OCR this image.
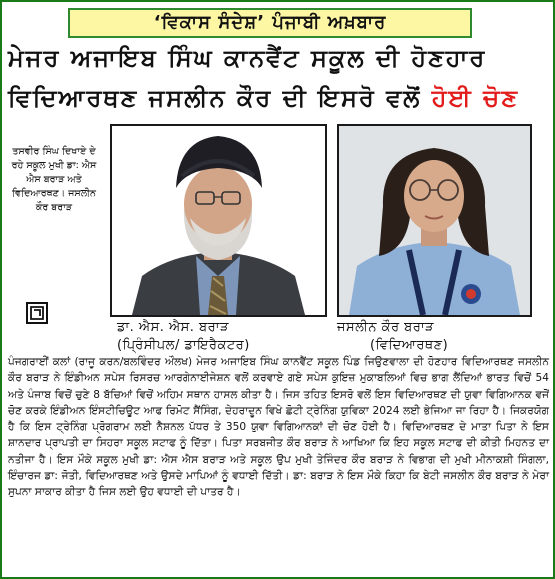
‘ਵਿਕਾਸ ਸੰਦੇਸ਼’ ਪੰਜਾਬੀ ਅਖ਼ਬਾਰ
ਮੇਜਰ ਅਜਾਇਬ ਸਿੰਘ ਕਾਨਵੈਂਟ ਸਕੂਲ ਦੀ ਹੋਣਹਾਰ
ਵਿਦਿਆਰਥਣ ਜਸਲੀਨ ਕੌਰ ਦੀ ਇਸਰੋ ਵਲੋਂ ਹੋਈ ਚੋਣ
ਤਸਵੀਰ ਸਿੰਘ ਦਿਖਾਏ ਦੇ ਰਹੇ ਸਕੂਲ ਮੁਖੀ ਡਾ: ਐਸ ਐਸ ਬਰਾੜ ਅਤੇ ਵਿਦਿਆਰਥਣ। ਜਸਲੀਨ ਕੌਰ ਬਰਾੜ
ਡਾ. ਐਸ. ਐਸ. ਬਰਾੜ	ਜਸਲੀਨ ਕੌਰ ਬਰਾੜ
(ਪ੍ਰਿੰਸੀਪਲ/ ਡਾਇਰੈਕਟਰ)	(ਵਿਦਿਆਰਥਣ)
ਪੰਜਗਰਾਈਂ ਕਲਾਂ (ਰਾਜੂ ਕਰਨ/ਬਲਵਿੰਦਰ ਔਲਖ) ਮੇਜਰ ਅਜਾਇਬ ਸਿੰਘ ਕਾਨਵੈਂਟ ਸਕੂਲ ਪਿੰਡ ਜਿਉਣਵਾਲਾ ਦੀ ਹੋਣਹਾਰ ਵਿਦਿਆਰਥਣ ਜਸਲੀਨ ਕੌਰ ਬਰਾੜ ਨੇ ਇੰਡੀਅਨ ਸਪੇਸ ਰਿਸਰਚ ਆਰਗੇਨਾਈਜੇਸ਼ਨ ਵਲੋਂ ਕਰਵਾਏ ਗਏ ਸਪੇਸ ਕੁਇਜ਼ ਮੁਕਾਬਲਿਆਂ ਵਿਚ ਭਾਗ ਲੈਂਦਿਆਂ ਭਾਰਤ ਵਿਚੋਂ 54 ਅਤੇ ਪੰਜਾਬ ਵਿਚੋਂ ਚੁਣੇ 8 ਬੱਚਿਆਂ ਵਿਚੋਂ ਅਹਿਮ ਸਥਾਨ ਹਾਸਲ ਕੀਤਾ ਹੈ। ਜਿਸ ਤਹਿਤ ਇਸਰੋ ਵਲੋਂ ਇਸ ਵਿਦਿਆਰਥਣ ਦੀ ਯੁਵਾ ਵਿਗਿਆਨਕ ਵਜੋਂ ਚੋਣ ਕਰਕੇ ਇੰਡੀਅਨ ਇੰਸਟੀਚਿਊਟ ਆਫ ਰਿਮੋਟ ਸੈਂਸਿੰਗ, ਦੇਹਰਾਦੂਨ ਵਿਖੇ ਛੋਟੀ ਟ੍ਰੇਨਿੰਗ ਯੁਵਿਕਾ 2024 ਲਈ ਭੇਜਿਆ ਜਾ ਰਿਹਾ ਹੈ। ਜਿਕਰਯੋਗ ਹੈ ਕਿ ਇਸ ਟ੍ਰੇਨਿੰਗ ਪ੍ਰੋਗਰਾਮ ਲਈ ਨੈਸ਼ਨਲ ਪੱਧਰ ਤੇ 350 ਯੁਵਾ ਵਿਗਿਆਨਕਾਂ ਦੀ ਚੋਣ ਹੋਈ ਹੈ। ਵਿਦਿਆਰਥਣ ਦੇ ਮਾਤਾ ਪਿਤਾ ਨੇ ਇਸ ਸ਼ਾਨਦਾਰ ਪ੍ਰਾਪਤੀ ਦਾ ਸਿਹਰਾ ਸਕੂਲ ਸਟਾਫ ਨੂੰ ਦਿੱਤਾ। ਪਿਤਾ ਸਰਬਜੀਤ ਕੌਰ ਬਰਾੜ ਨੇ ਆਖਿਆ ਕਿ ਇਹ ਸਕੂਲ ਸਟਾਫ ਦੀ ਕੀਤੀ ਮਿਹਨਤ ਦਾ ਨਤੀਜਾ ਹੈ। ਇਸ ਮੌਕੇ ਸਕੂਲ ਮੁਖੀ ਡਾ: ਐਸ ਐਸ ਬਰਾੜ ਅਤੇ ਸਕੂਲ ਉਪ ਮੁਖੀ ਤੇਜਿੰਦਰ ਕੌਰ ਬਰਾੜ ਨੇ ਵਿਭਾਗ ਦੀ ਮੁਖੀ ਮੀਨਾਕਸ਼ੀ ਸਿੰਗਲਾ, ਇੰਚਾਰਜ ਡਾ: ਜੋਤੀ, ਵਿਦਿਆਰਥਣ ਅਤੇ ਉਸਦੇ ਮਾਪਿਆਂ ਨੂੰ ਵਧਾਈ ਦਿੱਤੀ। ਡਾ: ਬਰਾੜ ਨੇ ਇਸ ਮੌਕੇ ਕਿਹਾ ਕਿ ਬੇਟੀ ਜਸਲੀਨ ਕੌਰ ਬਰਾੜ ਨੇ ਮੇਰਾ ਸੁਪਨਾ ਸਾਕਾਰ ਕੀਤਾ ਹੈ ਜਿਸ ਲਈ ਉਹ ਵਧਾਈ ਦੀ ਪਾਤਰ ਹੈ।
